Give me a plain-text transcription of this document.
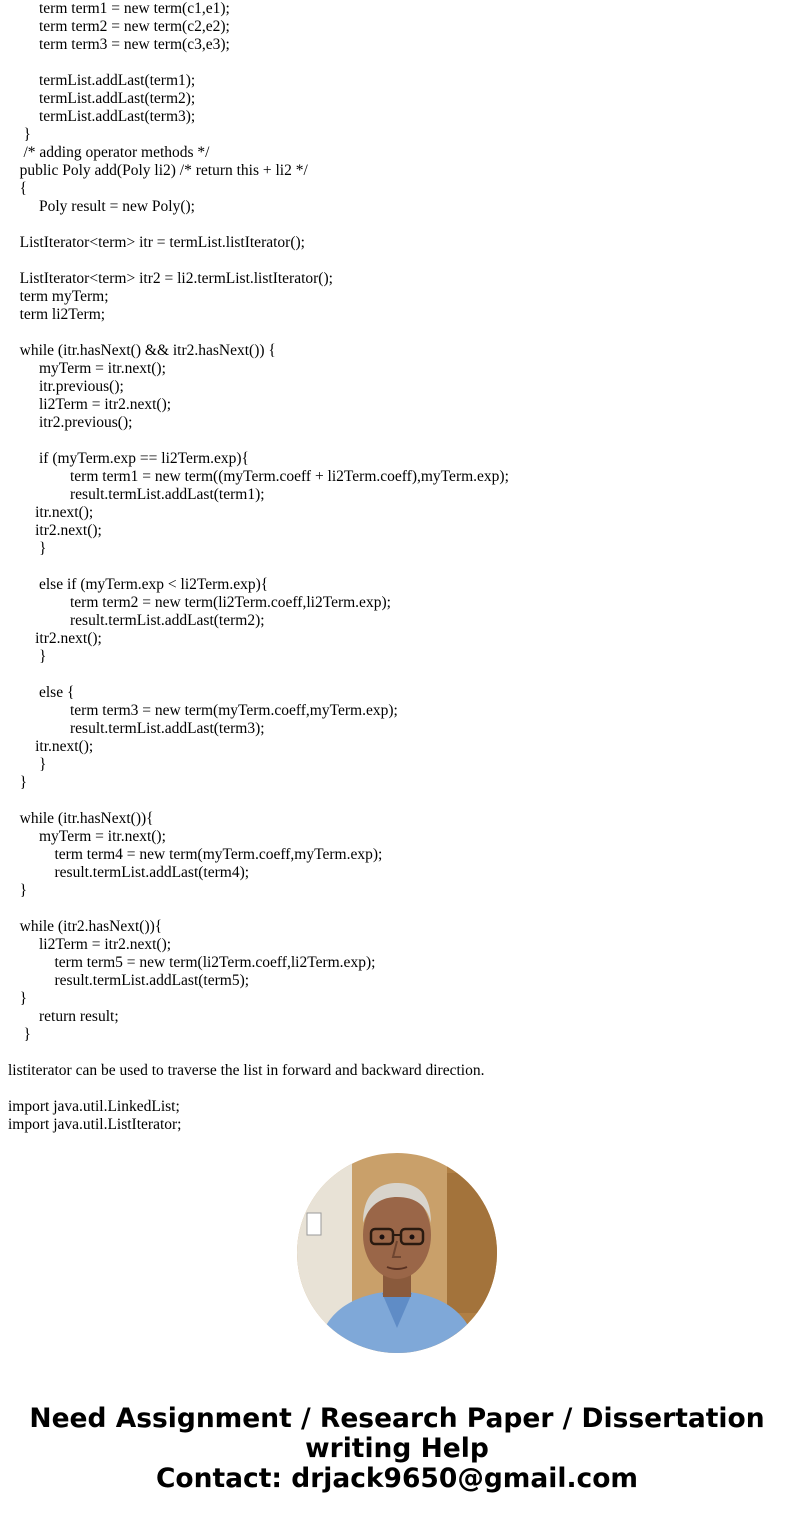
term term1 = new term(c1,e1);
term term2 = new term(c2,e2);
term term3 = new term(c3,e3);
termList.addLast(term1);
termList.addLast(term2);
termList.addLast(term3);
}
/* adding operator methods */
public Poly add(Poly li2) /* return this + li2 */
{
Poly result = new Poly();
ListIterator<term> itr = termList.listIterator();
ListIterator<term> itr2 = li2.termList.listIterator();
term myTerm;
term li2Term;
while (itr.hasNext() && itr2.hasNext()) {
myTerm = itr.next();
itr.previous();
li2Term = itr2.next();
itr2.previous();
if (myTerm.exp == li2Term.exp){
term term1 = new term((myTerm.coeff + li2Term.coeff),myTerm.exp);
result.termList.addLast(term1);
itr.next();
itr2.next();
}
else if (myTerm.exp < li2Term.exp){
term term2 = new term(li2Term.coeff,li2Term.exp);
result.termList.addLast(term2);
itr2.next();
}
else {
term term3 = new term(myTerm.coeff,myTerm.exp);
result.termList.addLast(term3);
itr.next();
}
}
while (itr.hasNext()){
myTerm = itr.next();
term term4 = new term(myTerm.coeff,myTerm.exp);
result.termList.addLast(term4);
}
while (itr2.hasNext()){
li2Term = itr2.next();
term term5 = new term(li2Term.coeff,li2Term.exp);
result.termList.addLast(term5);
}
return result;
}
listiterator can be used to traverse the list in forward and backward direction.
import java.util.LinkedList;
import java.util.ListIterator;
Need Assignment / Research Paper / Dissertation
writing Help
Contact: drjack9650@gmail.com
